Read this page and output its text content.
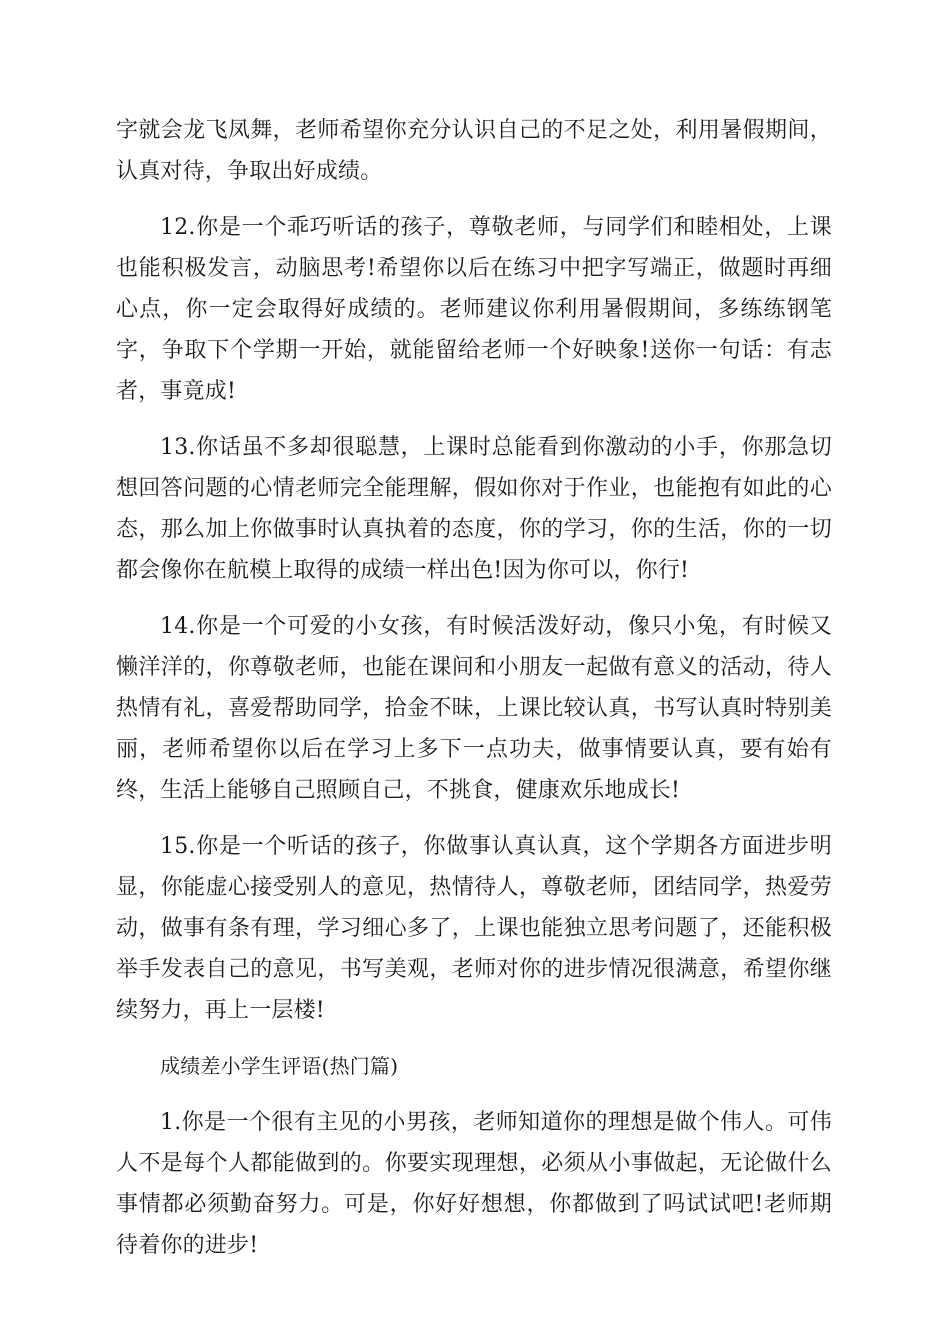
字就会龙飞凤舞，老师希望你充分认识自己的不足之处，利用暑假期间，认真对待，争取出好成绩。

12.你是一个乖巧听话的孩子，尊敬老师，与同学们和睦相处，上课也能积极发言，动脑思考!希望你以后在练习中把字写端正，做题时再细心点，你一定会取得好成绩的。老师建议你利用暑假期间，多练练钢笔字，争取下个学期一开始，就能留给老师一个好映象!送你一句话：有志者，事竟成!

13.你话虽不多却很聪慧，上课时总能看到你激动的小手，你那急切想回答问题的心情老师完全能理解，假如你对于作业，也能抱有如此的心态，那么加上你做事时认真执着的态度，你的学习，你的生活，你的一切都会像你在航模上取得的成绩一样出色!因为你可以，你行!

14.你是一个可爱的小女孩，有时候活泼好动，像只小兔，有时候又懒洋洋的，你尊敬老师，也能在课间和小朋友一起做有意义的活动，待人热情有礼，喜爱帮助同学，拾金不昧，上课比较认真，书写认真时特别美丽，老师希望你以后在学习上多下一点功夫，做事情要认真，要有始有终，生活上能够自己照顾自己，不挑食，健康欢乐地成长!

15.你是一个听话的孩子，你做事认真认真，这个学期各方面进步明显，你能虚心接受别人的意见，热情待人，尊敬老师，团结同学，热爱劳动，做事有条有理，学习细心多了，上课也能独立思考问题了，还能积极举手发表自己的意见，书写美观，老师对你的进步情况很满意，希望你继续努力，再上一层楼!

成绩差小学生评语(热门篇)

1.你是一个很有主见的小男孩，老师知道你的理想是做个伟人。可伟人不是每个人都能做到的。你要实现理想，必须从小事做起，无论做什么事情都必须勤奋努力。可是，你好好想想，你都做到了吗试试吧!老师期待着你的进步!
